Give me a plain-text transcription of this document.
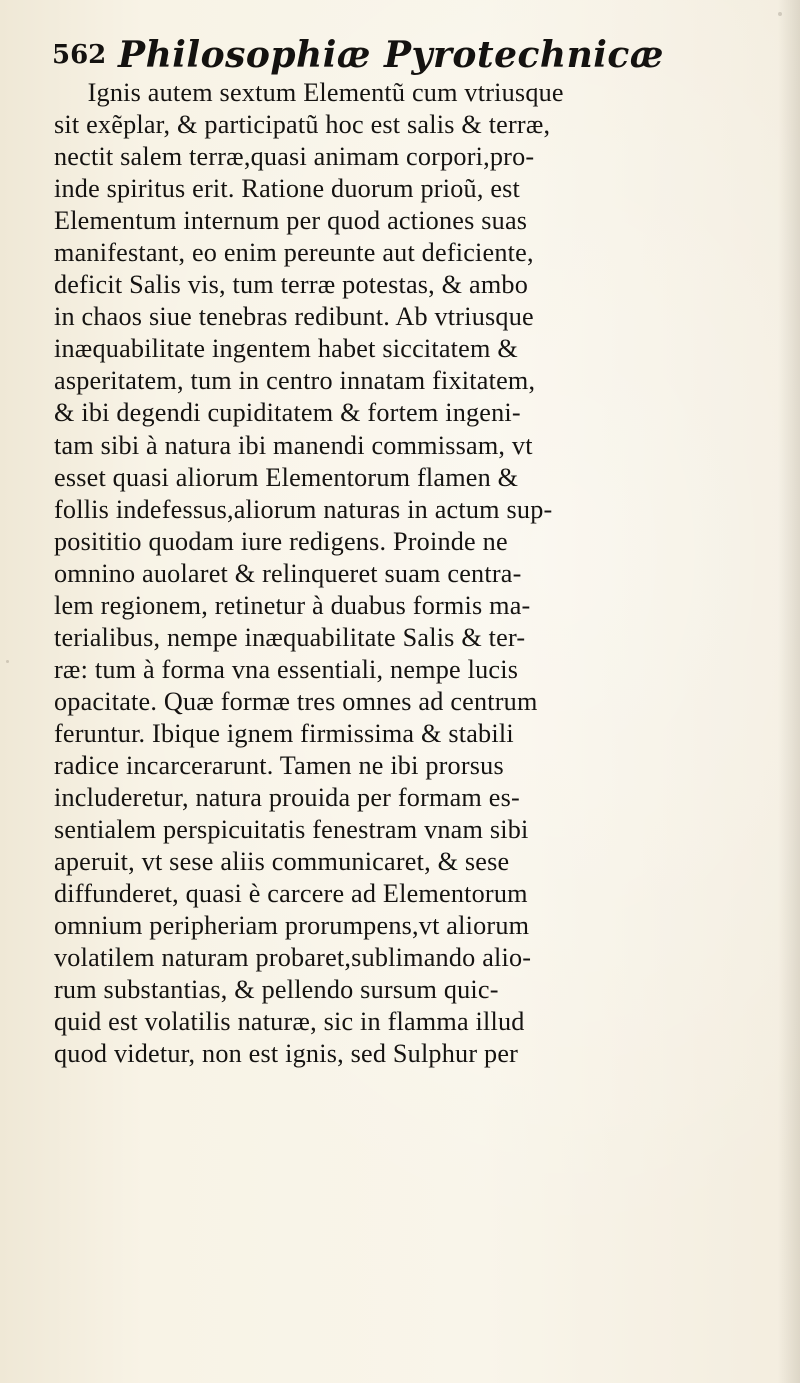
562 Philosophiæ Pyrotechnicæ
Ignis autem sextum Elementũ cum vtriusque
sit exẽplar, & participatũ hoc est salis & terræ,
nectit salem terræ,quasi animam corpori,pro-
inde spiritus erit. Ratione duorum prioũ, est
Elementum internum per quod actiones suas
manifestant, eo enim pereunte aut deficiente,
deficit Salis vis, tum terræ potestas, & ambo
in chaos siue tenebras redibunt. Ab vtriusque
inæquabilitate ingentem habet siccitatem &
asperitatem, tum in centro innatam fixitatem,
& ibi degendi cupiditatem & fortem ingeni-
tam sibi à natura ibi manendi commissam, vt
esset quasi aliorum Elementorum flamen &
follis indefessus,aliorum naturas in actum sup-
posititio quodam iure redigens. Proinde ne
omnino auolaret & relinqueret suam centra-
lem regionem, retinetur à duabus formis ma-
terialibus, nempe inæquabilitate Salis & ter-
ræ: tum à forma vna essentiali, nempe lucis
opacitate. Quæ formæ tres omnes ad centrum
feruntur. Ibique ignem firmissima & stabili
radice incarcerarunt. Tamen ne ibi prorsus
includeretur, natura prouida per formam es-
sentialem perspicuitatis fenestram vnam sibi
aperuit, vt sese aliis communicaret, & sese
diffunderet, quasi è carcere ad Elementorum
omnium peripheriam prorumpens,vt aliorum
volatilem naturam probaret,sublimando alio-
rum substantias, & pellendo sursum quic-
quid est volatilis naturæ, sic in flamma illud
quod videtur, non est ignis, sed Sulphur per
